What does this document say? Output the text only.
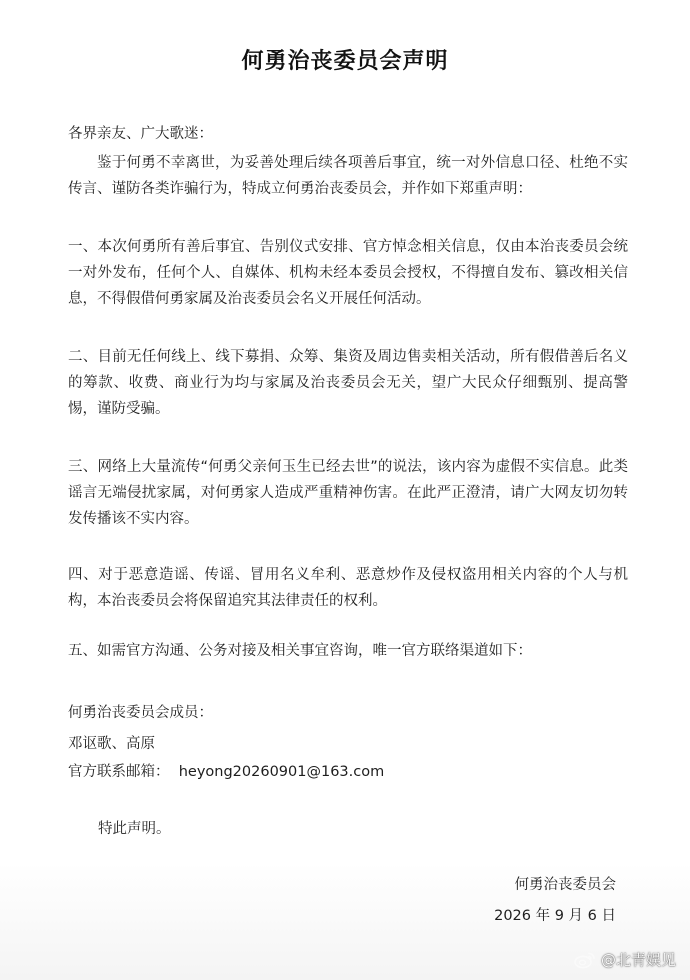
何勇治丧委员会声明

各界亲友、广大歌迷：

鉴于何勇不幸离世，为妥善处理后续各项善后事宜，统一对外信息口径、杜绝不实传言、谨防各类诈骗行为，特成立何勇治丧委员会，并作如下郑重声明：

一、本次何勇所有善后事宜、告别仪式安排、官方悼念相关信息，仅由本治丧委员会统一对外发布，任何个人、自媒体、机构未经本委员会授权，不得擅自发布、篡改相关信息，不得假借何勇家属及治丧委员会名义开展任何活动。

二、目前无任何线上、线下募捐、众筹、集资及周边售卖相关活动，所有假借善后名义的筹款、收费、商业行为均与家属及治丧委员会无关，望广大民众仔细甄别、提高警惕，谨防受骗。

三、网络上大量流传“何勇父亲何玉生已经去世”的说法，该内容为虚假不实信息。此类谣言无端侵扰家属，对何勇家人造成严重精神伤害。在此严正澄清，请广大网友切勿转发传播该不实内容。

四、对于恶意造谣、传谣、冒用名义牟利、恶意炒作及侵权盗用相关内容的个人与机构，本治丧委员会将保留追究其法律责任的权利。

五、如需官方沟通、公务对接及相关事宜咨询，唯一官方联络渠道如下：

何勇治丧委员会成员：

邓讴歌、高原

官方联系邮箱：  heyong20260901@163.com

特此声明。

何勇治丧委员会

2026 年 9 月 6 日

@北青娱见
